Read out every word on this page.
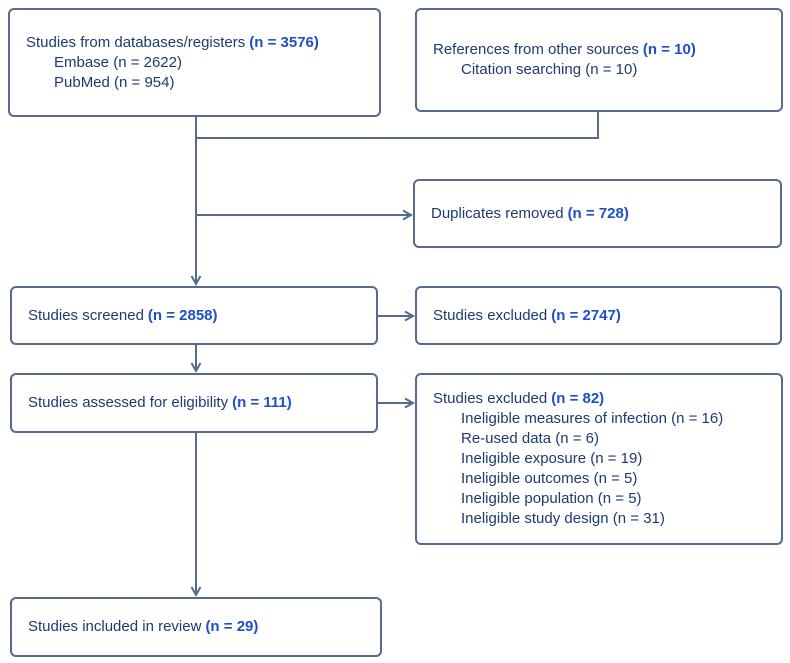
Studies from databases/registers (n = 3576)
Embase (n = 2622)
PubMed (n = 954)
References from other sources (n = 10)
Citation searching (n = 10)
Duplicates removed (n = 728)
Studies screened (n = 2858)	Studies excluded (n = 2747)
Studies assessed for eligibility (n = 111)	Studies excluded (n = 82)
Ineligible measures of infection (n = 16)
Re-used data (n = 6)
Ineligible exposure (n = 19)
Ineligible outcomes (n = 5)
Ineligible population (n = 5)
Ineligible study design (n = 31)
Studies included in review (n = 29)
